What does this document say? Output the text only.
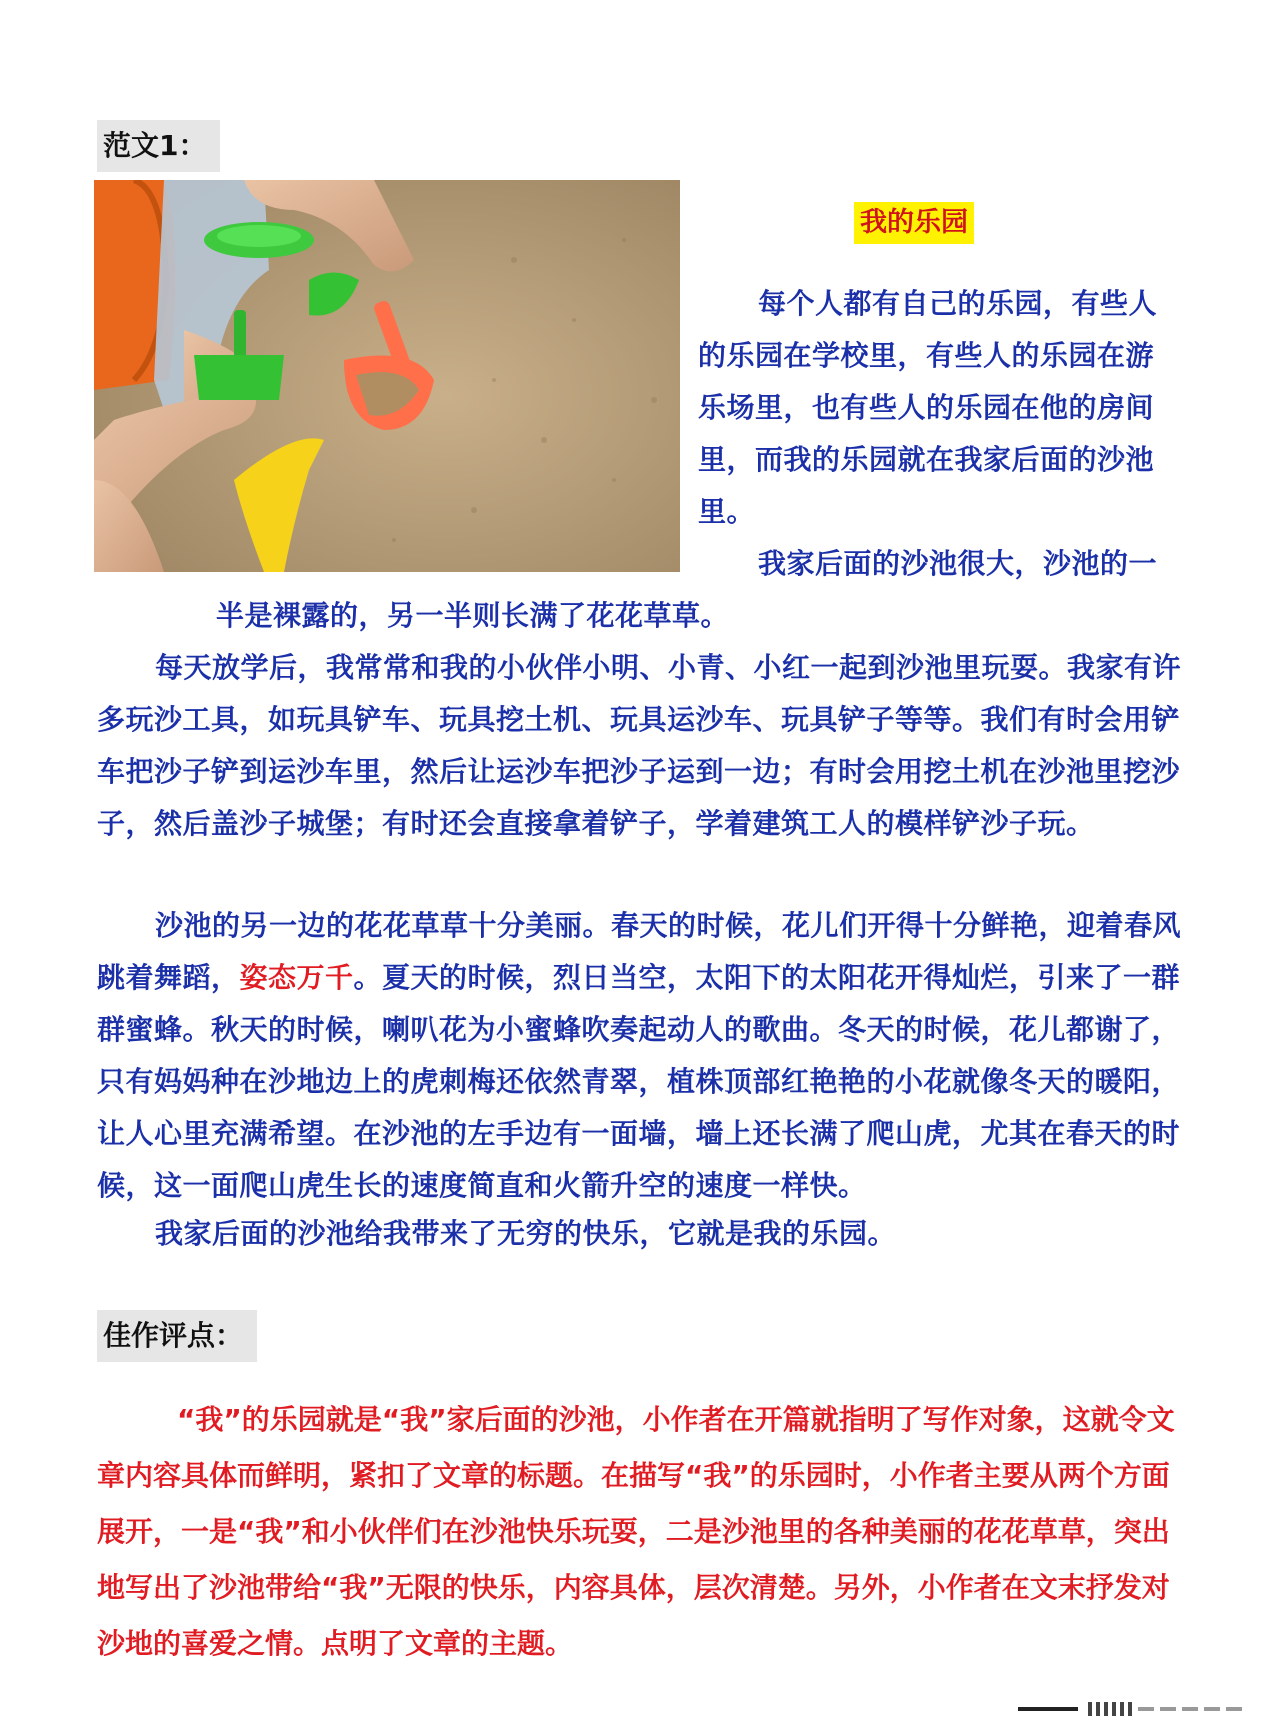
范文1：
我的乐园

每个人都有自己的乐园，有些人

的乐园在学校里，有些人的乐园在游

乐场里，也有些人的乐园在他的房间

里，而我的乐园就在我家后面的沙池

里。

我家后面的沙池很大，沙池的一

半是裸露的，另一半则长满了花花草草。

每天放学后，我常常和我的小伙伴小明、小青、小红一起到沙池里玩耍。我家有许多玩沙工具，如玩具铲车、玩具挖土机、玩具运沙车、玩具铲子等等。我们有时会用铲车把沙子铲到运沙车里，然后让运沙车把沙子运到一边；有时会用挖土机在沙池里挖沙子，然后盖沙子城堡；有时还会直接拿着铲子，学着建筑工人的模样铲沙子玩。

沙池的另一边的花花草草十分美丽。春天的时候，花儿们开得十分鲜艳，迎着春风跳着舞蹈，姿态万千。夏天的时候，烈日当空，太阳下的太阳花开得灿烂，引来了一群群蜜蜂。秋天的时候，喇叭花为小蜜蜂吹奏起动人的歌曲。冬天的时候，花儿都谢了，只有妈妈种在沙地边上的虎刺梅还依然青翠，植株顶部红艳艳的小花就像冬天的暖阳，让人心里充满希望。在沙池的左手边有一面墙，墙上还长满了爬山虎，尤其在春天的时候，这一面爬山虎生长的速度简直和火箭升空的速度一样快。

我家后面的沙池给我带来了无穷的快乐，它就是我的乐园。

佳作评点：

“我”的乐园就是“我”家后面的沙池，小作者在开篇就指明了写作对象，这就令文章内容具体而鲜明，紧扣了文章的标题。在描写“我”的乐园时，小作者主要从两个方面展开，一是“我”和小伙伴们在沙池快乐玩耍，二是沙池里的各种美丽的花花草草，突出地写出了沙池带给“我”无限的快乐，内容具体，层次清楚。另外，小作者在文末抒发对沙地的喜爱之情。点明了文章的主题。
